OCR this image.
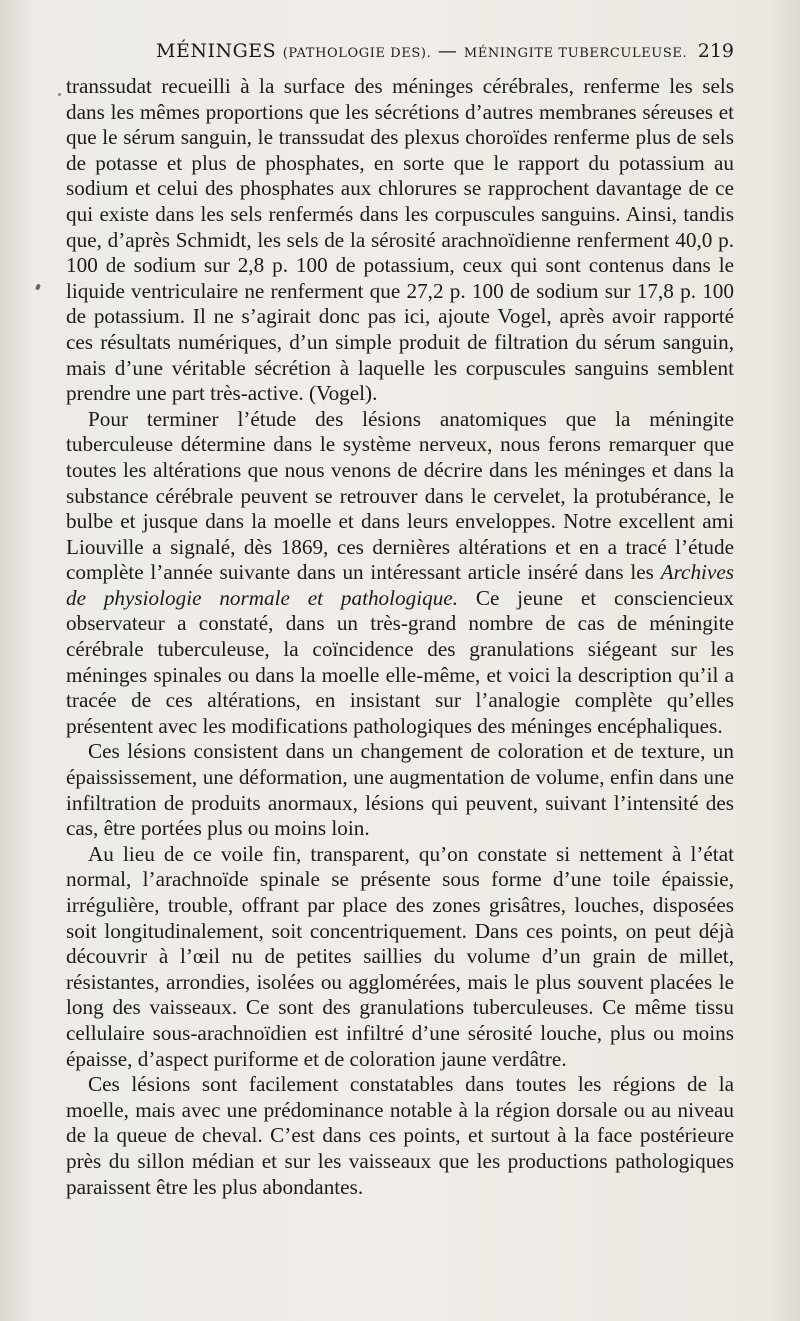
MÉNINGES (PATHOLOGIE DES). — MÉNINGITE TUBERCULEUSE. 219

transsudat recueilli à la surface des méninges cérébrales, renferme les sels dans les mêmes proportions que les sécrétions d’autres membranes séreuses et que le sérum sanguin, le transsudat des plexus choroïdes renferme plus de sels de potasse et plus de phosphates, en sorte que le rapport du potassium au sodium et celui des phosphates aux chlorures se rapprochent davantage de ce qui existe dans les sels renfermés dans les corpuscules sanguins. Ainsi, tandis que, d’après Schmidt, les sels de la sérosité arachnoïdienne renferment 40,0 p. 100 de sodium sur 2,8 p. 100 de potassium, ceux qui sont contenus dans le liquide ventriculaire ne renferment que 27,2 p. 100 de sodium sur 17,8 p. 100 de potassium. Il ne s’agirait donc pas ici, ajoute Vogel, après avoir rapporté ces résultats numériques, d’un simple produit de filtration du sérum sanguin, mais d’une véritable sécrétion à laquelle les corpuscules sanguins semblent prendre une part très-active. (Vogel).

Pour terminer l’étude des lésions anatomiques que la méningite tuberculeuse détermine dans le système nerveux, nous ferons remarquer que toutes les altérations que nous venons de décrire dans les méninges et dans la substance cérébrale peuvent se retrouver dans le cervelet, la protubérance, le bulbe et jusque dans la moelle et dans leurs enveloppes. Notre excellent ami Liouville a signalé, dès 1869, ces dernières altérations et en a tracé l’étude complète l’année suivante dans un intéressant article inséré dans les Archives de physiologie normale et pathologique. Ce jeune et consciencieux observateur a constaté, dans un très-grand nombre de cas de méningite cérébrale tuberculeuse, la coïncidence des granulations siégeant sur les méninges spinales ou dans la moelle elle-même, et voici la description qu’il a tracée de ces altérations, en insistant sur l’analogie complète qu’elles présentent avec les modifications pathologiques des méninges encéphaliques.

Ces lésions consistent dans un changement de coloration et de texture, un épaississement, une déformation, une augmentation de volume, enfin dans une infiltration de produits anormaux, lésions qui peuvent, suivant l’intensité des cas, être portées plus ou moins loin.

Au lieu de ce voile fin, transparent, qu’on constate si nettement à l’état normal, l’arachnoïde spinale se présente sous forme d’une toile épaissie, irrégulière, trouble, offrant par place des zones grisâtres, louches, disposées soit longitudinalement, soit concentriquement. Dans ces points, on peut déjà découvrir à l’œil nu de petites saillies du volume d’un grain de millet, résistantes, arrondies, isolées ou agglomérées, mais le plus souvent placées le long des vaisseaux. Ce sont des granulations tuberculeuses. Ce même tissu cellulaire sous-arachnoïdien est infiltré d’une sérosité louche, plus ou moins épaisse, d’aspect puriforme et de coloration jaune verdâtre.

Ces lésions sont facilement constatables dans toutes les régions de la moelle, mais avec une prédominance notable à la région dorsale ou au niveau de la queue de cheval. C’est dans ces points, et surtout à la face postérieure près du sillon médian et sur les vaisseaux que les productions pathologiques paraissent être les plus abondantes.
